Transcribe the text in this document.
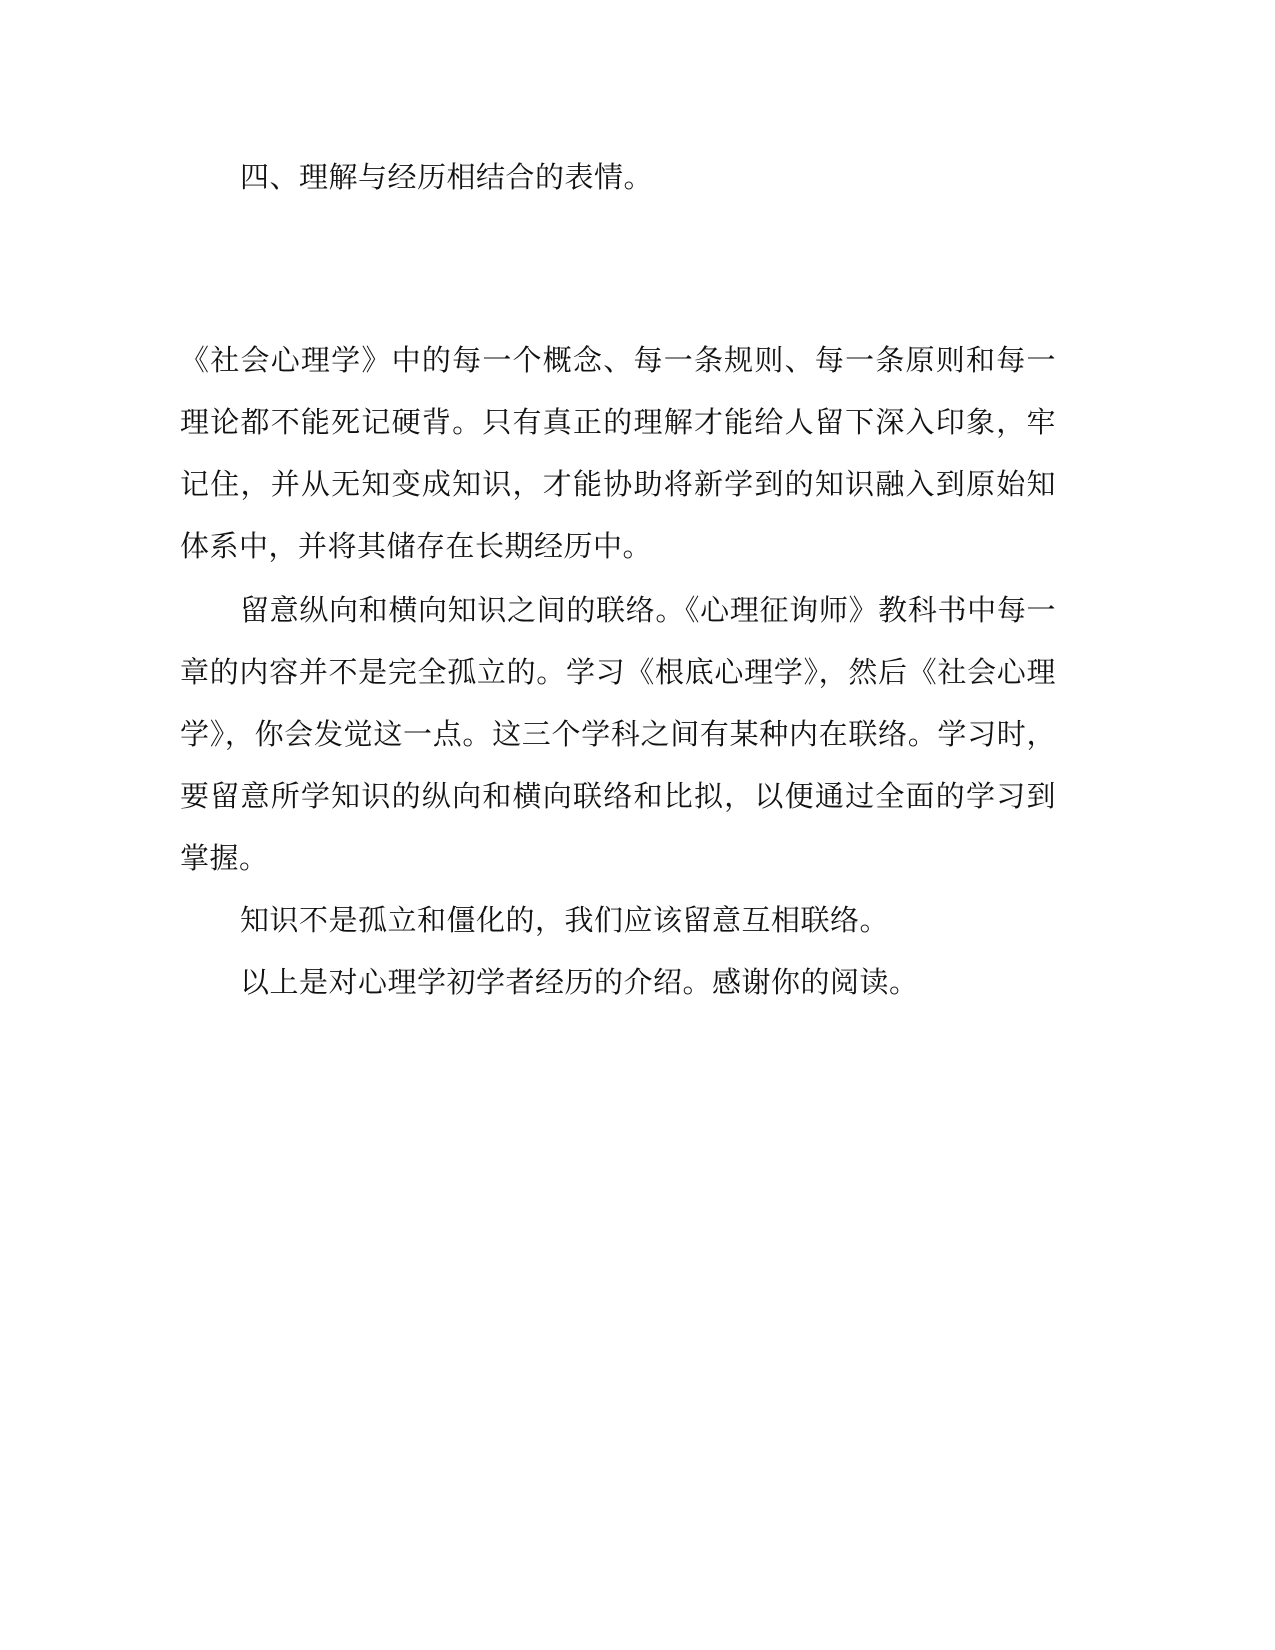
四、理解与经历相结合的表情。
《社会心理学》中的每一个概念、每一条规则、每一条原则和每一
理论都不能死记硬背。只有真正的理解才能给人留下深入印象，牢
记住，并从无知变成知识，才能协助将新学到的知识融入到原始知
体系中，并将其储存在长期经历中。
留意纵向和横向知识之间的联络。《心理征询师》教科书中每一
章的内容并不是完全孤立的。学习《根底心理学》，然后《社会心理
学》，你会发觉这一点。这三个学科之间有某种内在联络。学习时，
要留意所学知识的纵向和横向联络和比拟，以便通过全面的学习到
掌握。
知识不是孤立和僵化的，我们应该留意互相联络。
以上是对心理学初学者经历的介绍。感谢你的阅读。
